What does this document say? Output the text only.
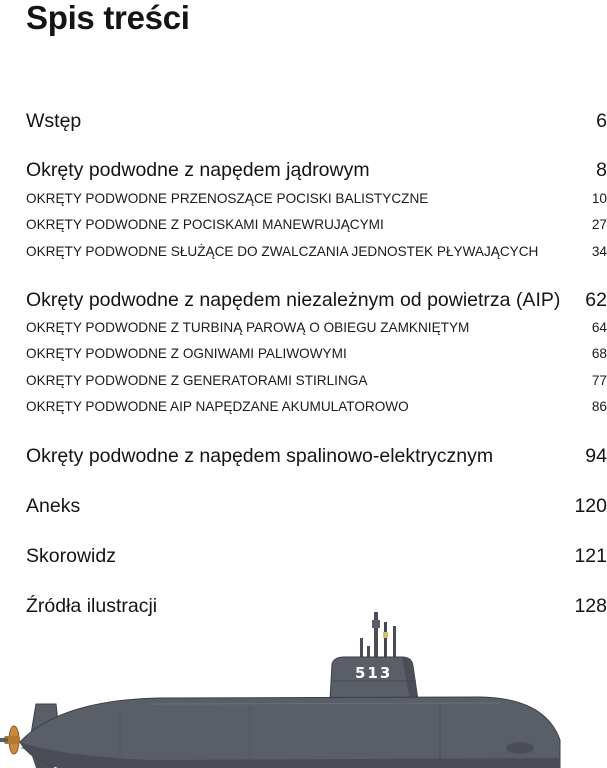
Spis treści
Wstęp	6
Okręty podwodne z napędem jądrowym	8
OKRĘTY PODWODNE PRZENOSZĄCE POCISKI BALISTYCZNE	10
OKRĘTY PODWODNE Z POCISKAMI MANEWRUJĄCYMI	27
OKRĘTY PODWODNE SŁUŻĄCE DO ZWALCZANIA JEDNOSTEK PŁYWAJĄCYCH	34
Okręty podwodne z napędem niezależnym od powietrza (AIP) 62
OKRĘTY PODWODNE Z TURBINĄ PAROWĄ O OBIEGU ZAMKNIĘTYM	64
OKRĘTY PODWODNE Z OGNIWAMI PALIWOWYMI	68
OKRĘTY PODWODNE Z GENERATORAMI STIRLINGA	77
OKRĘTY PODWODNE AIP NAPĘDZANE AKUMULATOROWO	86
Okręty podwodne z napędem spalinowo-elektrycznym	94
Aneks	120
Skorowidz	121
Źródła ilustracji	128
513
